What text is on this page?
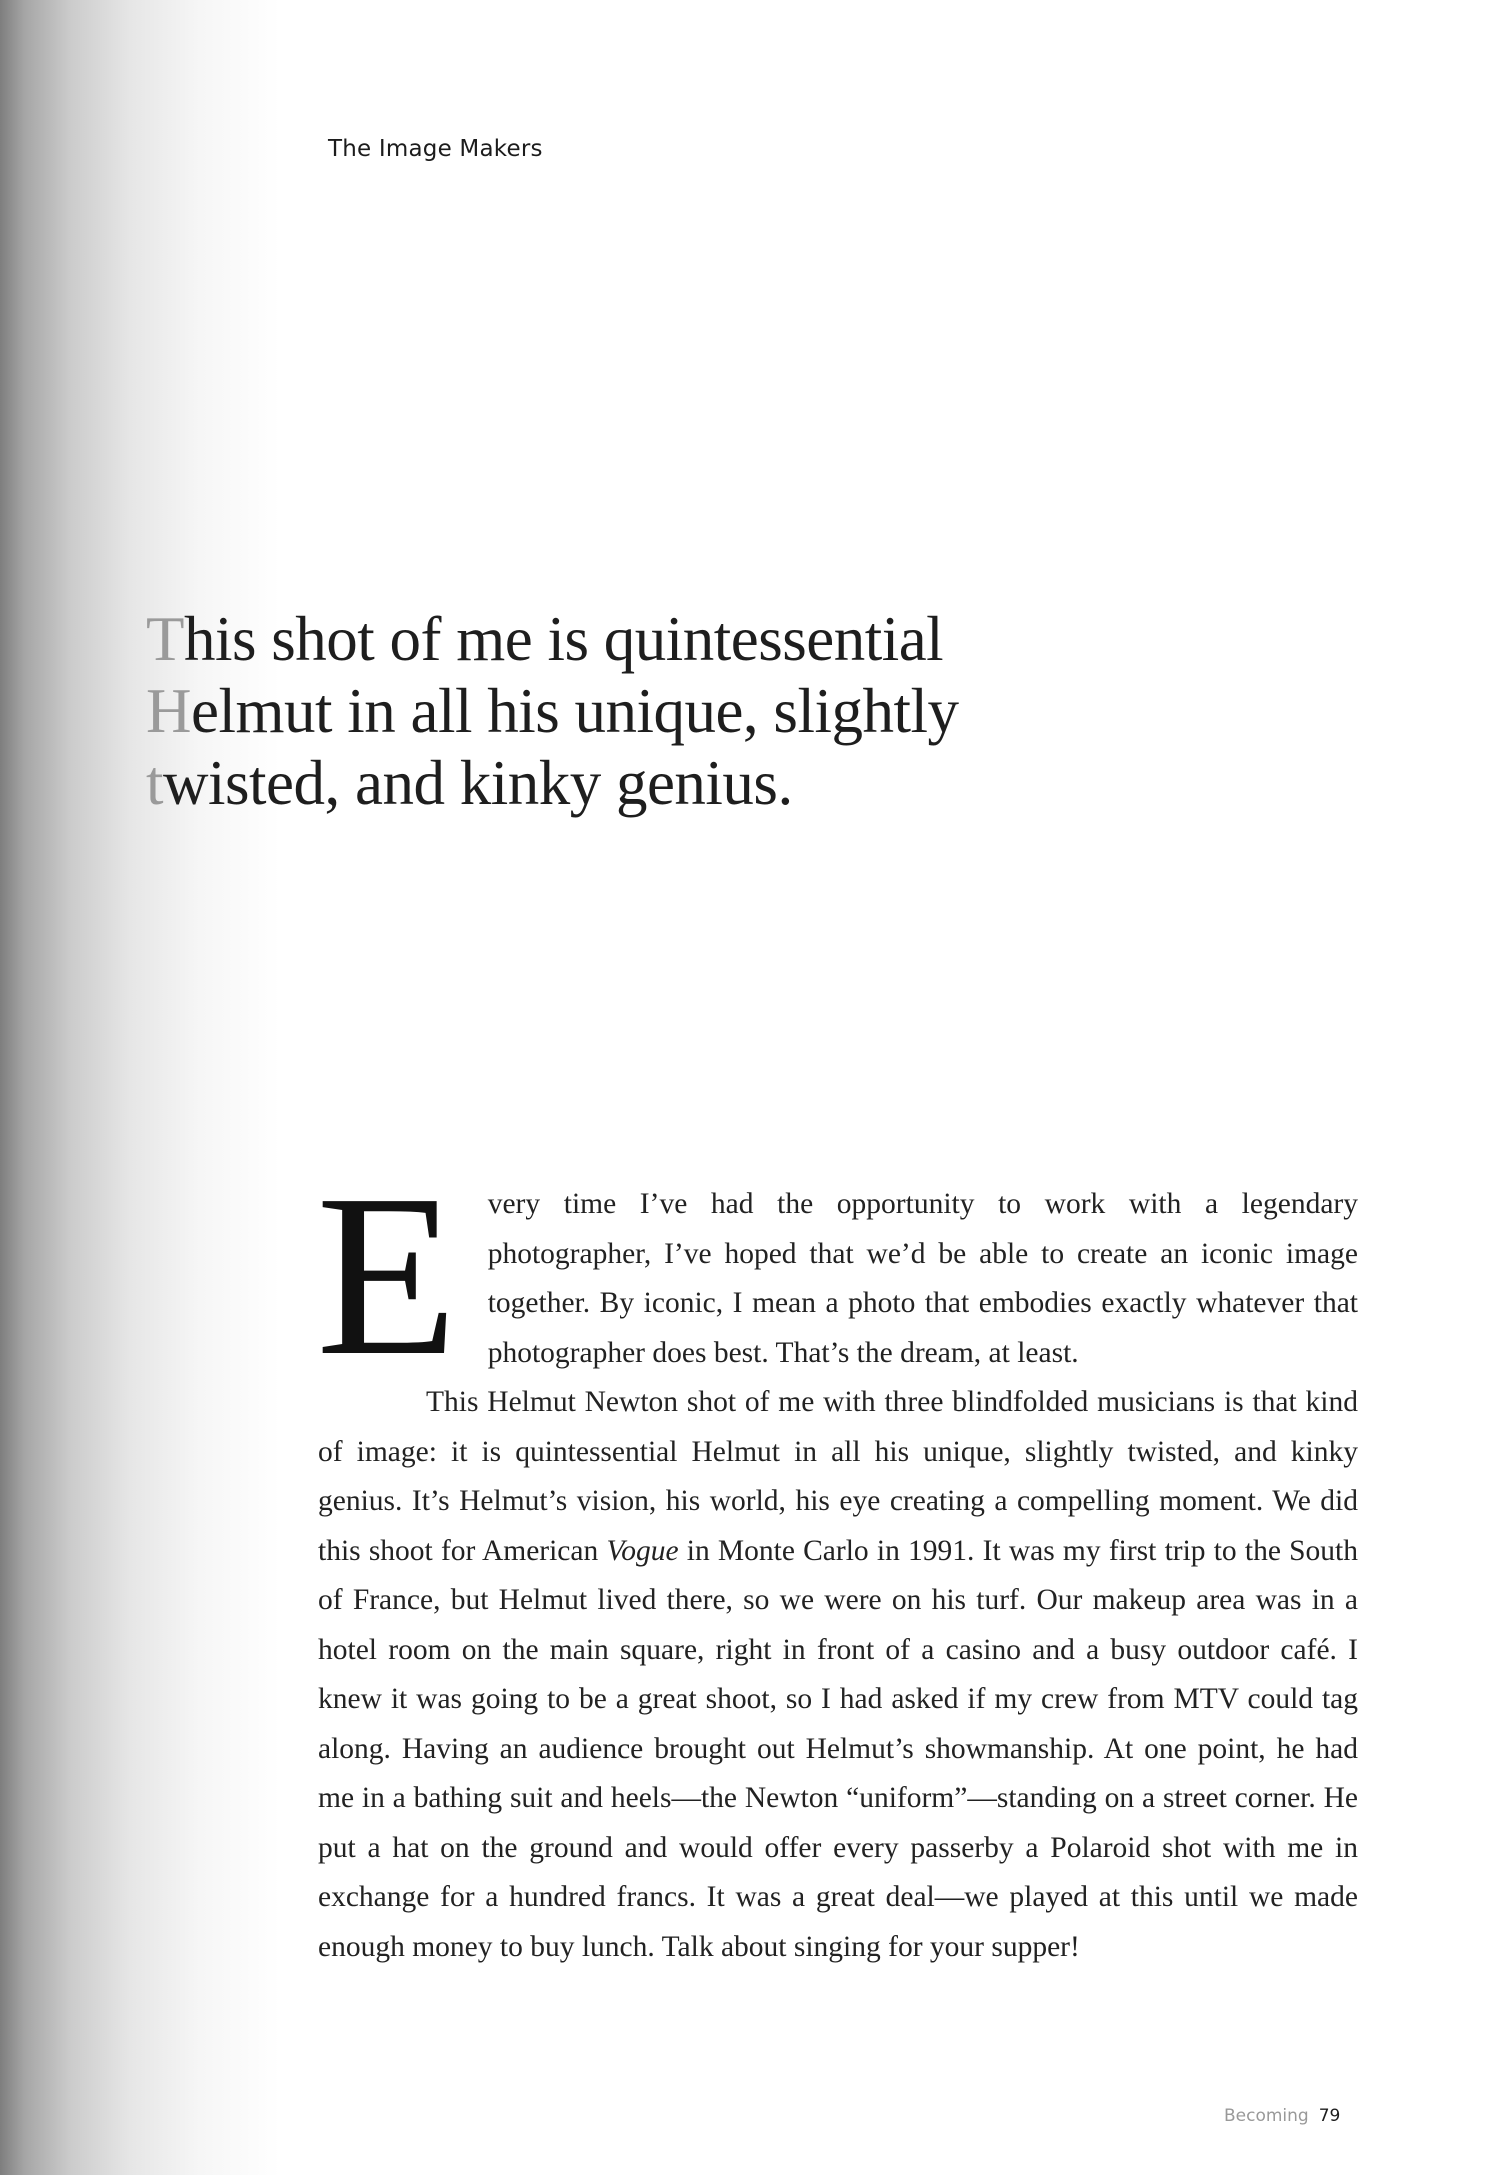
The Image Makers
This shot of me is quintessential
Helmut in all his unique, slightly
twisted, and kinky genius.
E	very time I’ve had the opportunity to work with a legendary photographer, I’ve hoped that we’d be able to create an iconic image together. By iconic, I mean a photo that embodies exactly whatever that photographer does best. That’s the dream, at least.

This Helmut Newton shot of me with three blindfolded musicians is that kind of image: it is quintessential Helmut in all his unique, slightly twisted, and kinky genius. It’s Helmut’s vision, his world, his eye creating a compelling moment. We did this shoot for American Vogue in Monte Carlo in 1991. It was my first trip to the South of France, but Helmut lived there, so we were on his turf. Our makeup area was in a hotel room on the main square, right in front of a casino and a busy outdoor café. I knew it was going to be a great shoot, so I had asked if my crew from MTV could tag along. Having an audience brought out Helmut’s showmanship. At one point, he had me in a bathing suit and heels—the Newton “uniform”—standing on a street corner. He put a hat on the ground and would offer every passerby a Polaroid shot with me in exchange for a hundred francs. It was a great deal—we played at this until we made enough money to buy lunch. Talk about singing for your supper!

Becoming 79
